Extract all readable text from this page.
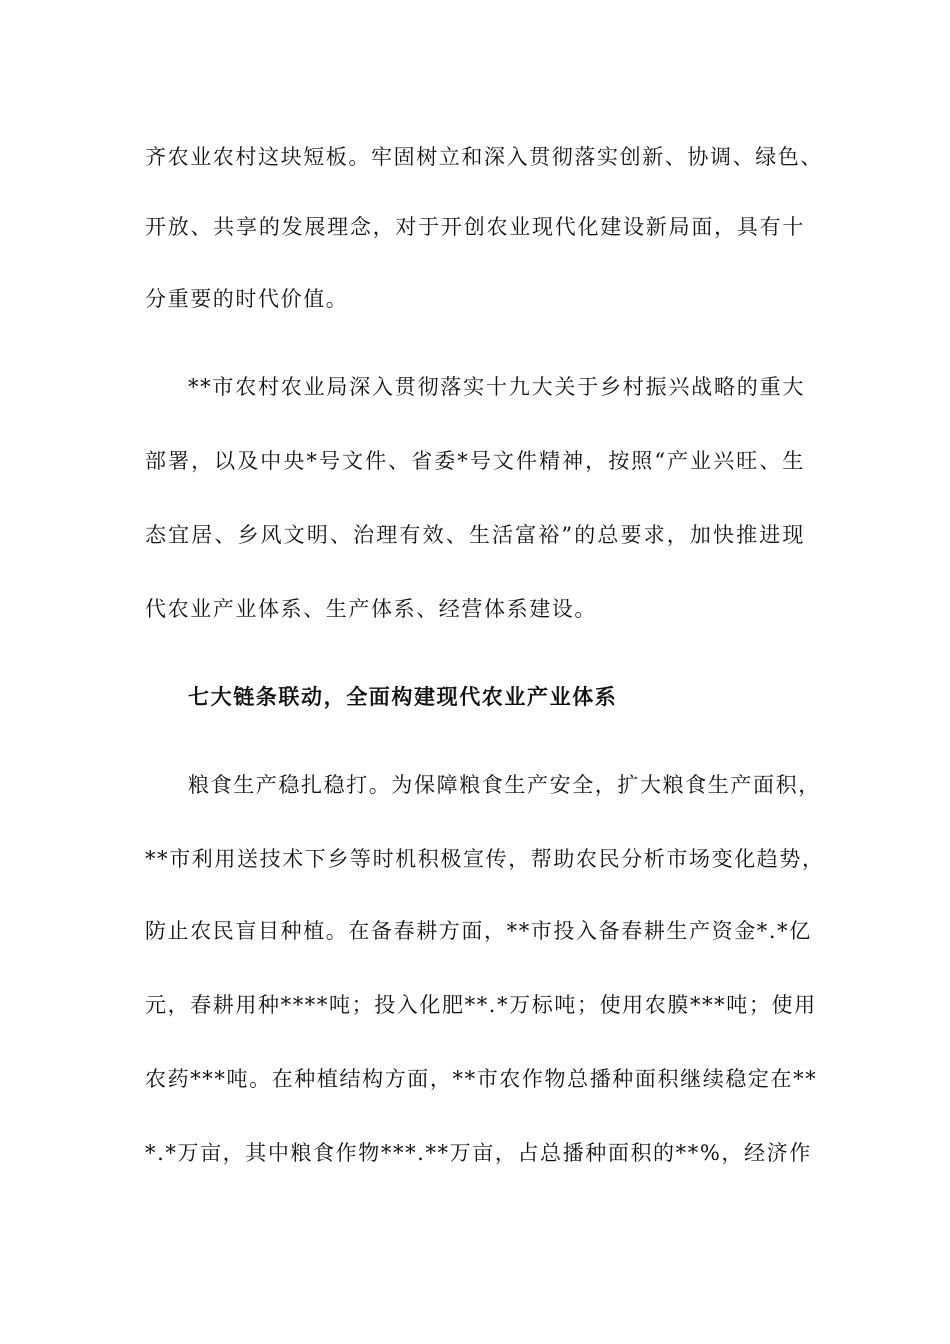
齐农业农村这块短板。牢固树立和深入贯彻落实创新、协调、绿色、
开放、共享的发展理念，对于开创农业现代化建设新局面，具有十
分重要的时代价值。
**市农村农业局深入贯彻落实十九大关于乡村振兴战略的重大
部署，以及中央*号文件、省委*号文件精神，按照“产业兴旺、生
态宜居、乡风文明、治理有效、生活富裕”的总要求，加快推进现
代农业产业体系、生产体系、经营体系建设。
七大链条联动，全面构建现代农业产业体系
粮食生产稳扎稳打。为保障粮食生产安全，扩大粮食生产面积，
**市利用送技术下乡等时机积极宣传，帮助农民分析市场变化趋势，
防止农民盲目种植。在备春耕方面，**市投入备春耕生产资金*.*亿
元，春耕用种****吨；投入化肥**.*万标吨；使用农膜***吨；使用
农药***吨。在种植结构方面，**市农作物总播种面积继续稳定在**
*.*万亩，其中粮食作物***.**万亩，占总播种面积的**%，经济作
